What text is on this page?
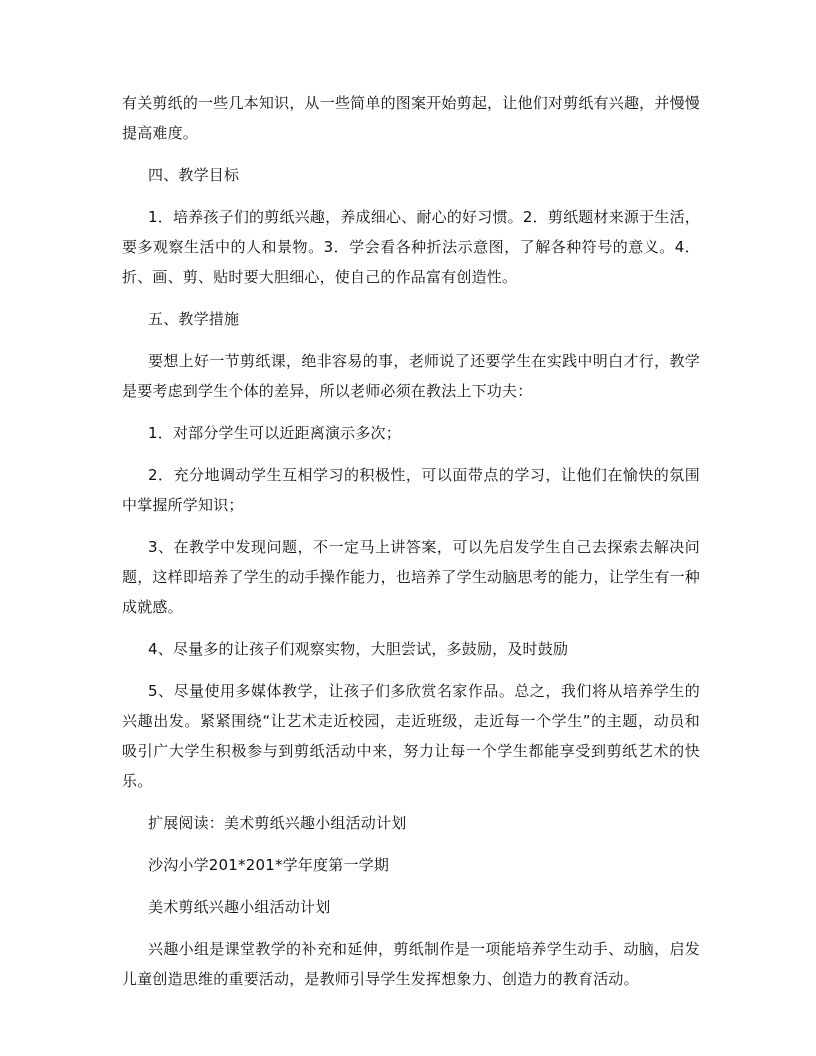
有关剪纸的一些几本知识，从一些简单的图案开始剪起，让他们对剪纸有兴趣，并慢慢提高难度。

四、教学目标

1．培养孩子们的剪纸兴趣，养成细心、耐心的好习惯。2．剪纸题材来源于生活，要多观察生活中的人和景物。3．学会看各种折法示意图，了解各种符号的意义。4．折、画、剪、贴时要大胆细心，使自己的作品富有创造性。

五、教学措施

要想上好一节剪纸课，绝非容易的事，老师说了还要学生在实践中明白才行，教学是要考虑到学生个体的差异，所以老师必须在教法上下功夫：

1．对部分学生可以近距离演示多次；

2．充分地调动学生互相学习的积极性，可以面带点的学习，让他们在愉快的氛围中掌握所学知识；

3、在教学中发现问题，不一定马上讲答案，可以先启发学生自己去探索去解决问题，这样即培养了学生的动手操作能力，也培养了学生动脑思考的能力，让学生有一种成就感。

4、尽量多的让孩子们观察实物，大胆尝试，多鼓励，及时鼓励

5、尽量使用多媒体教学，让孩子们多欣赏名家作品。总之，我们将从培养学生的兴趣出发。紧紧围绕“让艺术走近校园，走近班级，走近每一个学生”的主题，动员和吸引广大学生积极参与到剪纸活动中来，努力让每一个学生都能享受到剪纸艺术的快乐。

扩展阅读：美术剪纸兴趣小组活动计划

沙沟小学201*201*学年度第一学期

美术剪纸兴趣小组活动计划

兴趣小组是课堂教学的补充和延伸，剪纸制作是一项能培养学生动手、动脑，启发儿童创造思维的重要活动，是教师引导学生发挥想象力、创造力的教育活动。
